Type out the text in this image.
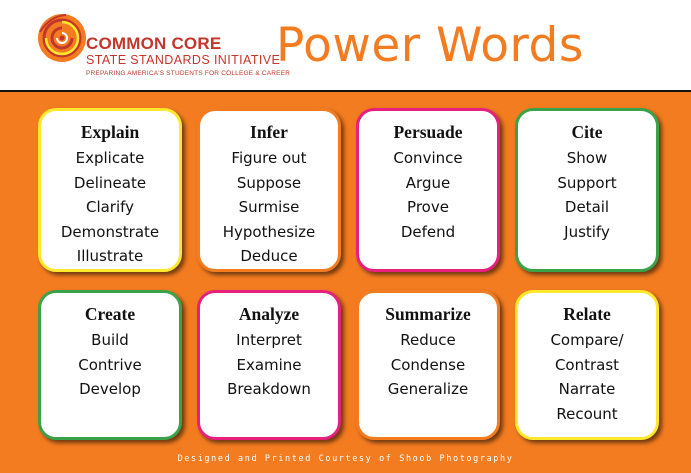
COMMON CORE
STATE STANDARDS INITIATIVE
PREPARING AMERICA'S STUDENTS FOR COLLEGE & CAREER
Power Words
Explain
Explicate
Delineate
Clarify
Demonstrate
Illustrate
Infer
Figure out
Suppose
Surmise
Hypothesize
Deduce
Persuade
Convince
Argue
Prove
Defend
Cite
Show
Support
Detail
Justify
Create
Build
Contrive
Develop
Analyze
Interpret
Examine
Breakdown
Summarize
Reduce
Condense
Generalize
Relate
Compare/
Contrast
Narrate
Recount
Designed and Printed Courtesy of Shoob Photography
